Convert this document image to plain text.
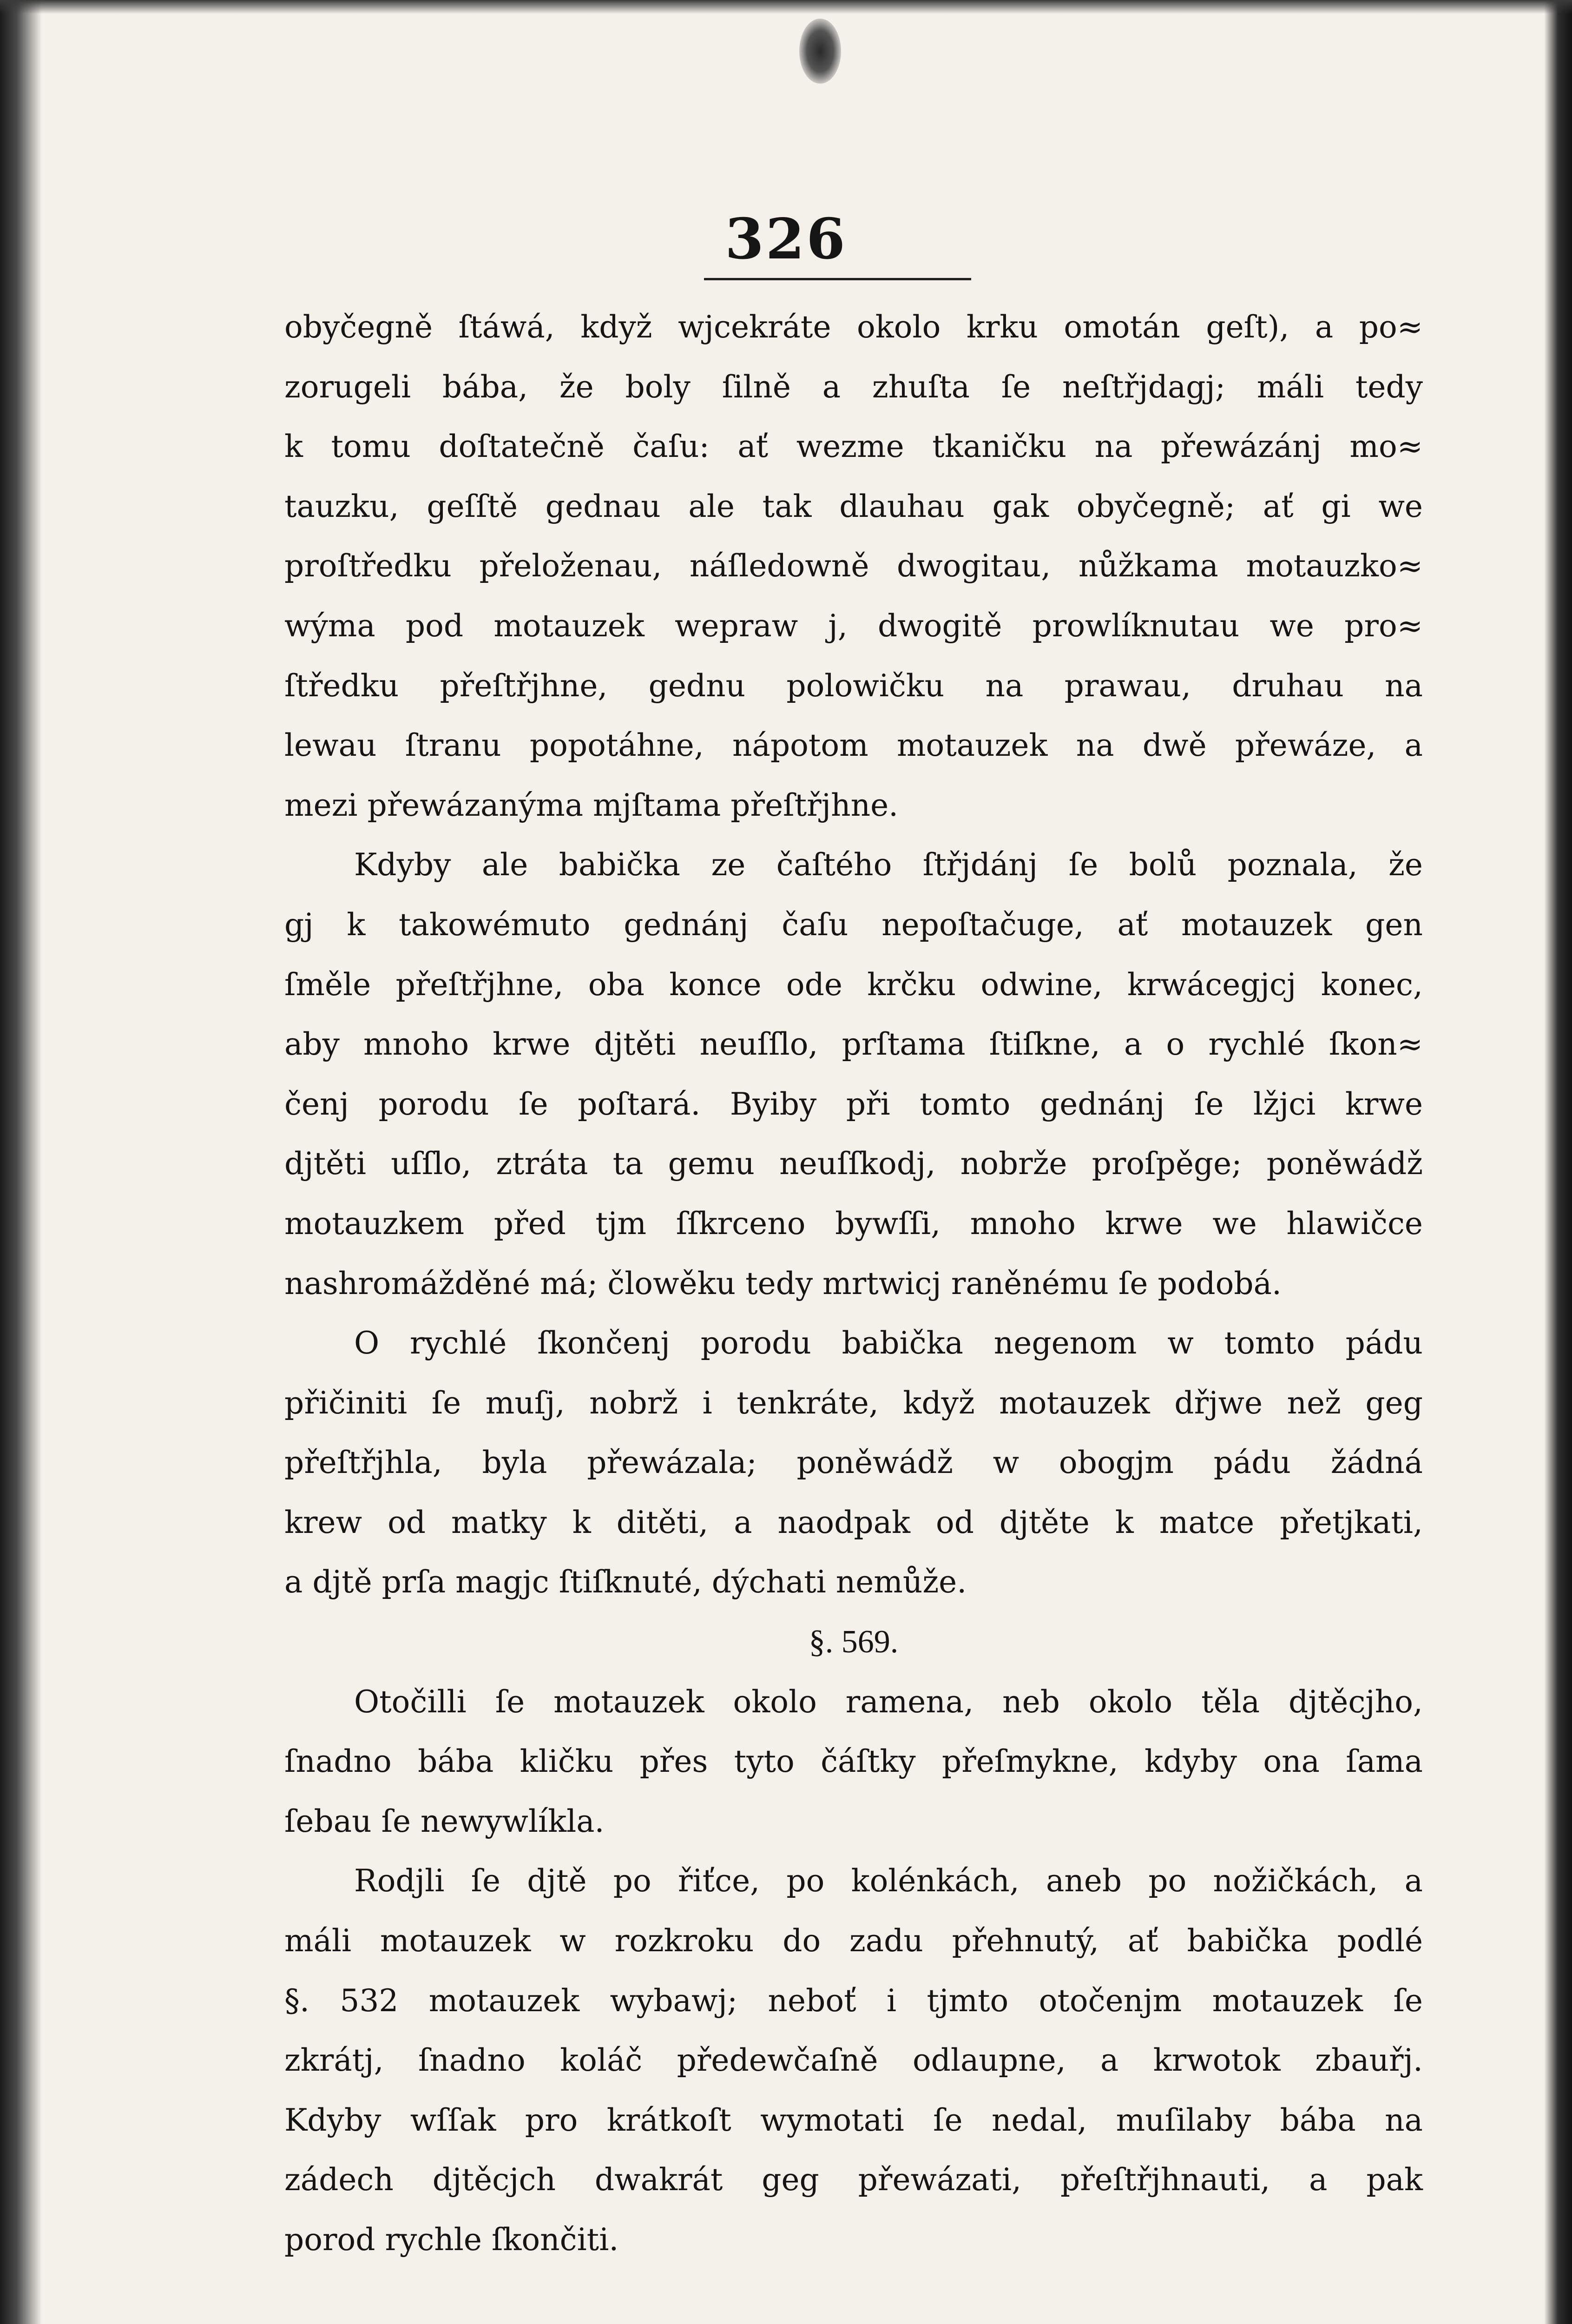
326
obyčegně ſtáwá, když wjcekráte okolo krku omotán geſt), a po≈
zorugeli bába, že boly ſilně a zhuſta ſe neſtřjdagj; máli tedy
k tomu doſtatečně čaſu: ať wezme tkaničku na přewázánj mo≈
tauzku, geſſtě gednau ale tak dlauhau gak obyčegně; ať gi we
proſtředku přeloženau, náſledowně dwogitau, nůžkama motauzko≈
wýma pod motauzek wepraw j, dwogitě prowlíknutau we pro≈
ſtředku přeſtřjhne, gednu polowičku na prawau, druhau na
lewau ſtranu popotáhne, nápotom motauzek na dwě přewáze, a
mezi přewázanýma mjſtama přeſtřjhne.
Kdyby ale babička ze čaſtého ſtřjdánj ſe bolů poznala, že
gj k takowémuto gednánj čaſu nepoſtačuge, ať motauzek gen
ſměle přeſtřjhne, oba konce ode krčku odwine, krwácegjcj konec,
aby mnoho krwe djtěti neuſſlo, prſtama ſtiſkne, a o rychlé ſkon≈
čenj porodu ſe poſtará. Byiby při tomto gednánj ſe lžjci krwe
djtěti uſſlo, ztráta ta gemu neuſſkodj, nobrže proſpěge; poněwádž
motauzkem před tjm ſſkrceno bywſſi, mnoho krwe we hlawičce
nashromážděné má; člowěku tedy mrtwicj raněnému ſe podobá.
O rychlé ſkončenj porodu babička negenom w tomto pádu
přičiniti ſe muſj, nobrž i tenkráte, když motauzek dřjwe než geg
přeſtřjhla, byla přewázala; poněwádž w obogjm pádu žádná
krew od matky k ditěti, a naodpak od djtěte k matce přetjkati,
a djtě prſa magjc ſtiſknuté, dýchati nemůže.
§. 569.
Otočilli ſe motauzek okolo ramena, neb okolo těla djtěcjho,
ſnadno bába kličku přes tyto čáſtky přeſmykne, kdyby ona ſama
ſebau ſe newywlíkla.
Rodjli ſe djtě po řiťce, po kolénkách, aneb po nožičkách, a
máli motauzek w rozkroku do zadu přehnutý, ať babička podlé
§. 532 motauzek wybawj; neboť i tjmto otočenjm motauzek ſe
zkrátj, ſnadno koláč předewčaſně odlaupne, a krwotok zbauřj.
Kdyby wſſak pro krátkoſt wymotati ſe nedal, muſilaby bába na
zádech djtěcjch dwakrát geg přewázati, přeſtřjhnauti, a pak
porod rychle ſkončiti.
